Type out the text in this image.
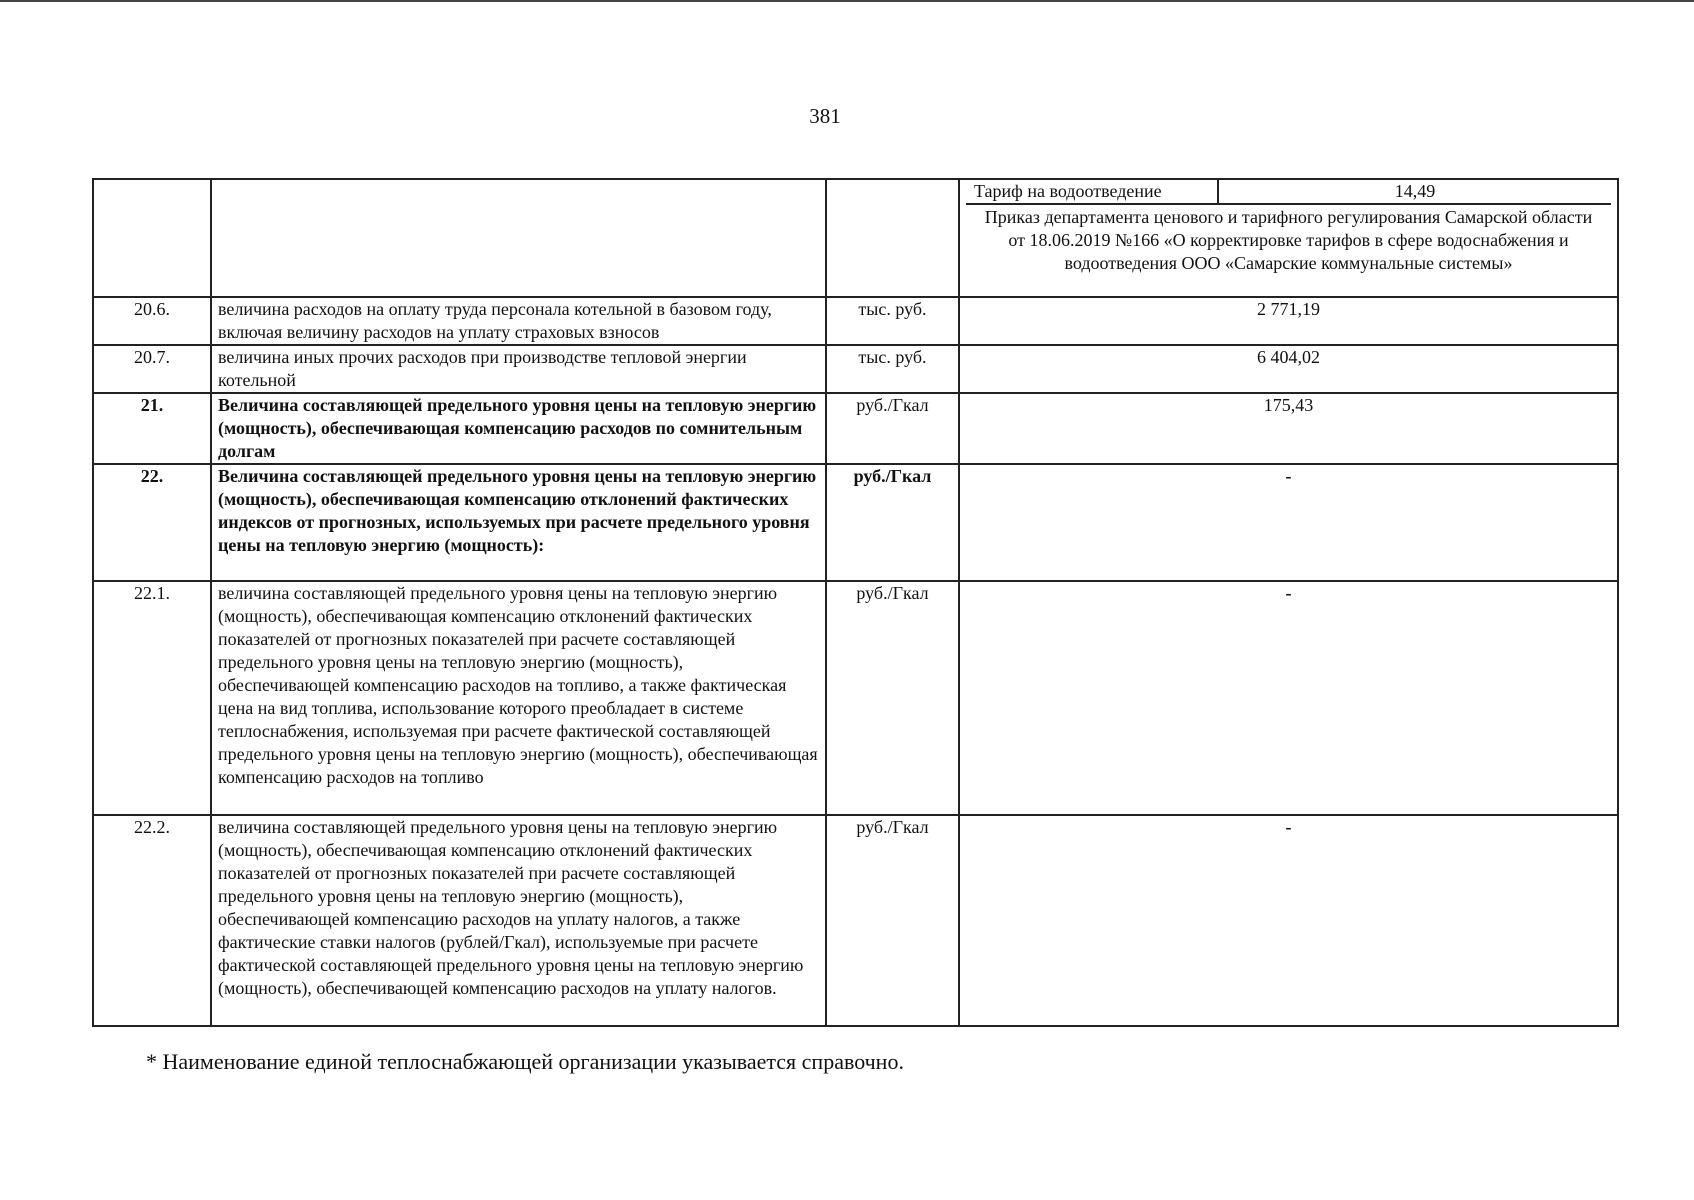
381

			Тариф на водоотведение 14,49
Приказ департамента ценового и тарифного регулирования Самарской области от 18.06.2019 №166 «О корректировке тарифов в сфере водоснабжения и водоотведения ООО «Самарские коммунальные системы»

20.6.	величина расходов на оплату труда персонала котельной в базовом году, включая величину расходов на уплату страховых взносов	тыс. руб.	2 771,19
20.7.	величина иных прочих расходов при производстве тепловой энергии котельной	тыс. руб.	6 404,02
21.	Величина составляющей предельного уровня цены на тепловую энергию (мощность), обеспечивающая компенсацию расходов по сомнительным долгам	руб./Гкал	175,43
22.	Величина составляющей предельного уровня цены на тепловую энергию (мощность), обеспечивающая компенсацию отклонений фактических индексов от прогнозных, используемых при расчете предельного уровня цены на тепловую энергию (мощность):	руб./Гкал	-
22.1.	величина составляющей предельного уровня цены на тепловую энергию (мощность), обеспечивающая компенсацию отклонений фактических показателей от прогнозных показателей при расчете составляющей предельного уровня цены на тепловую энергию (мощность), обеспечивающей компенсацию расходов на топливо, а также фактическая цена на вид топлива, использование которого преобладает в системе теплоснабжения, используемая при расчете фактической составляющей предельного уровня цены на тепловую энергию (мощность), обеспечивающая компенсацию расходов на топливо	руб./Гкал	-
22.2.	величина составляющей предельного уровня цены на тепловую энергию (мощность), обеспечивающая компенсацию отклонений фактических показателей от прогнозных показателей при расчете составляющей предельного уровня цены на тепловую энергию (мощность), обеспечивающей компенсацию расходов на уплату налогов, а также фактические ставки налогов (рублей/Гкал), используемые при расчете фактической составляющей предельного уровня цены на тепловую энергию (мощность), обеспечивающей компенсацию расходов на уплату налогов.	руб./Гкал	-
* Наименование единой теплоснабжающей организации указывается справочно.
